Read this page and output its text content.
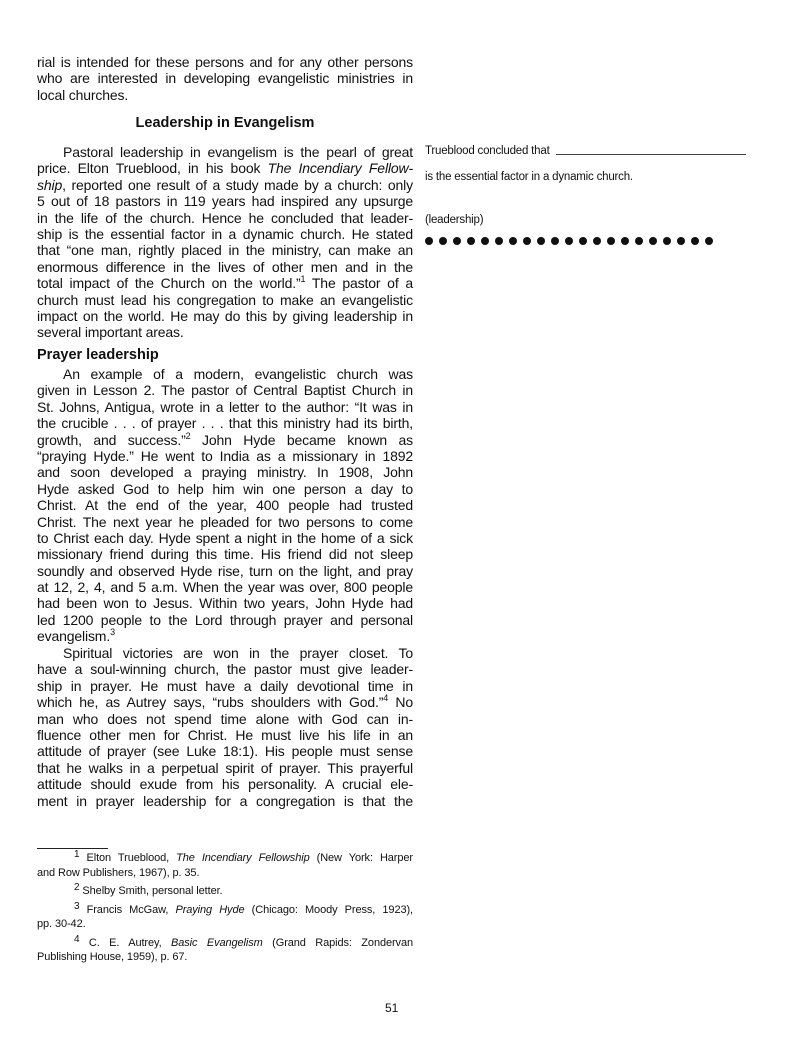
rial is intended for these persons and for any other persons
who are interested in developing evangelistic ministries in
local churches.
Leadership in Evangelism
Pastoral leadership in evangelism is the pearl of great
price. Elton Trueblood, in his book The Incendiary Fellow-
ship, reported one result of a study made by a church: only
5 out of 18 pastors in 119 years had inspired any upsurge
in the life of the church. Hence he concluded that leader-
ship is the essential factor in a dynamic church. He stated
that “one man, rightly placed in the ministry, can make an
enormous difference in the lives of other men and in the
total impact of the Church on the world.”$^1$ The pastor of a
church must lead his congregation to make an evangelistic
impact on the world. He may do this by giving leadership in
several important areas.
Prayer leadership
An example of a modern, evangelistic church was
given in Lesson 2. The pastor of Central Baptist Church in
St. Johns, Antigua, wrote in a letter to the author: “It was in
the crucible . . . of prayer . . . that this ministry had its birth,
growth, and success.”$^2$ John Hyde became known as
“praying Hyde.” He went to India as a missionary in 1892
and soon developed a praying ministry. In 1908, John
Hyde asked God to help him win one person a day to
Christ. At the end of the year, 400 people had trusted
Christ. The next year he pleaded for two persons to come
to Christ each day. Hyde spent a night in the home of a sick
missionary friend during this time. His friend did not sleep
soundly and observed Hyde rise, turn on the light, and pray
at 12, 2, 4, and 5 a.m. When the year was over, 800 people
had been won to Jesus. Within two years, John Hyde had
led 1200 people to the Lord through prayer and personal
evangelism.$^3$
Spiritual victories are won in the prayer closet. To
have a soul-winning church, the pastor must give leader-
ship in prayer. He must have a daily devotional time in
which he, as Autrey says, “rubs shoulders with God.”$^4$ No
man who does not spend time alone with God can in-
fluence other men for Christ. He must live his life in an
attitude of prayer (see Luke 18:1). His people must sense
that he walks in a perpetual spirit of prayer. This prayerful
attitude should exude from his personality. A crucial ele-
ment in prayer leadership for a congregation is that the
$^1$ Elton Trueblood, The Incendiary Fellowship (New York: Harper
and Row Publishers, 1967), p. 35.
$^2$ Shelby Smith, personal letter.
$^3$ Francis McGaw, Praying Hyde (Chicago: Moody Press, 1923),
pp. 30-42.
$^4$ C. E. Autrey, Basic Evangelism (Grand Rapids: Zondervan
Publishing House, 1959), p. 67.
Trueblood concluded that
is the essential factor in a dynamic church.
(leadership)
51
